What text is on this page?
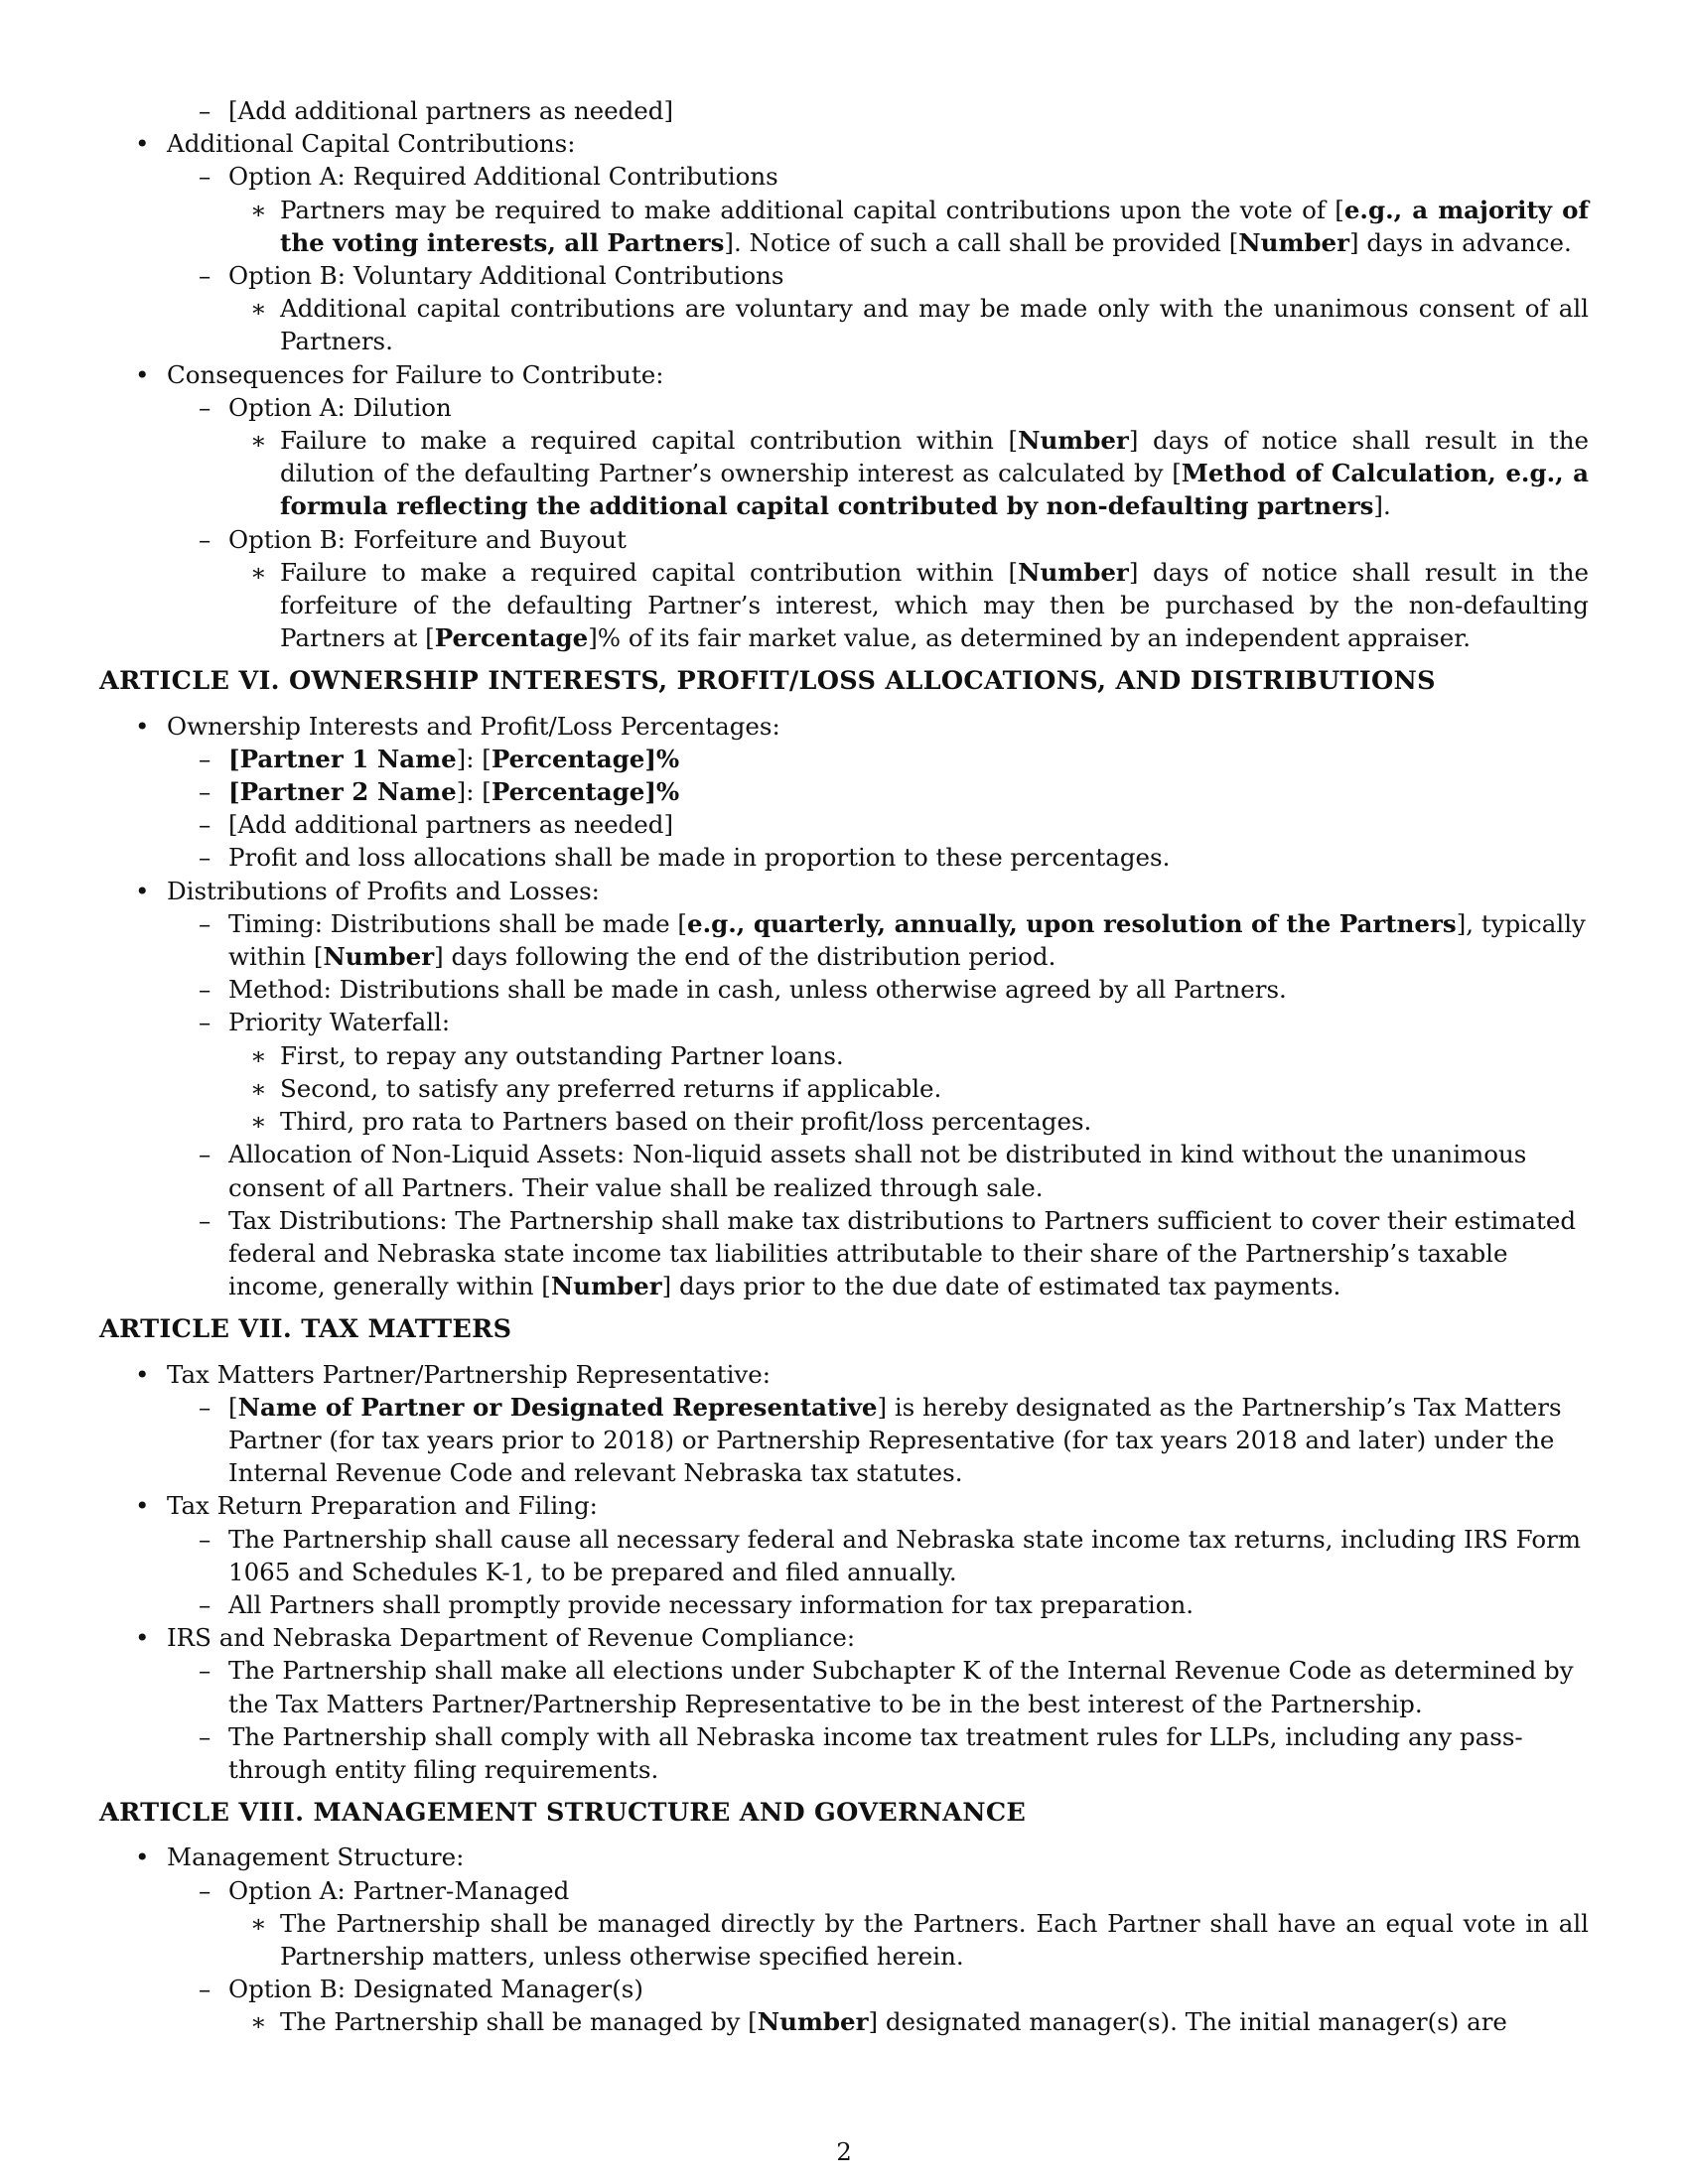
– [Add additional partners as needed]
• Additional Capital Contributions:
– Option A: Required Additional Contributions
∗ Partners may be required to make additional capital contributions upon the vote of [e.g., a majority of the voting interests, all Partners]. Notice of such a call shall be provided [Number] days in advance.
– Option B: Voluntary Additional Contributions
∗ Additional capital contributions are voluntary and may be made only with the unanimous consent of all Partners.
• Consequences for Failure to Contribute:
– Option A: Dilution
∗ Failure to make a required capital contribution within [Number] days of notice shall result in the dilution of the defaulting Partner’s ownership interest as calculated by [Method of Calculation, e.g., a formula reflecting the additional capital contributed by non-defaulting partners].
– Option B: Forfeiture and Buyout
∗ Failure to make a required capital contribution within [Number] days of notice shall result in the forfeiture of the defaulting Partner’s interest, which may then be purchased by the non-defaulting Partners at [Percentage]% of its fair market value, as determined by an independent appraiser.
ARTICLE VI. OWNERSHIP INTERESTS, PROFIT/LOSS ALLOCATIONS, AND DISTRIBUTIONS
• Ownership Interests and Profit/Loss Percentages:
– [Partner 1 Name]: [Percentage]%
– [Partner 2 Name]: [Percentage]%
– [Add additional partners as needed]
– Profit and loss allocations shall be made in proportion to these percentages.
• Distributions of Profits and Losses:
– Timing: Distributions shall be made [e.g., quarterly, annually, upon resolution of the Partners], typically within [Number] days following the end of the distribution period.
– Method: Distributions shall be made in cash, unless otherwise agreed by all Partners.
– Priority Waterfall:
∗ First, to repay any outstanding Partner loans.
∗ Second, to satisfy any preferred returns if applicable.
∗ Third, pro rata to Partners based on their profit/loss percentages.
– Allocation of Non-Liquid Assets: Non-liquid assets shall not be distributed in kind without the unanimous consent of all Partners. Their value shall be realized through sale.
– Tax Distributions: The Partnership shall make tax distributions to Partners sufficient to cover their estimated federal and Nebraska state income tax liabilities attributable to their share of the Partnership’s taxable income, generally within [Number] days prior to the due date of estimated tax payments.
ARTICLE VII. TAX MATTERS
• Tax Matters Partner/Partnership Representative:
– [Name of Partner or Designated Representative] is hereby designated as the Partnership’s Tax Matters Partner (for tax years prior to 2018) or Partnership Representative (for tax years 2018 and later) under the Internal Revenue Code and relevant Nebraska tax statutes.
• Tax Return Preparation and Filing:
– The Partnership shall cause all necessary federal and Nebraska state income tax returns, including IRS Form 1065 and Schedules K-1, to be prepared and filed annually.
– All Partners shall promptly provide necessary information for tax preparation.
• IRS and Nebraska Department of Revenue Compliance:
– The Partnership shall make all elections under Subchapter K of the Internal Revenue Code as determined by the Tax Matters Partner/Partnership Representative to be in the best interest of the Partnership.
– The Partnership shall comply with all Nebraska income tax treatment rules for LLPs, including any pass-through entity filing requirements.
ARTICLE VIII. MANAGEMENT STRUCTURE AND GOVERNANCE
• Management Structure:
– Option A: Partner-Managed
∗ The Partnership shall be managed directly by the Partners. Each Partner shall have an equal vote in all Partnership matters, unless otherwise specified herein.
– Option B: Designated Manager(s)
∗ The Partnership shall be managed by [Number] designated manager(s). The initial manager(s) are
2
